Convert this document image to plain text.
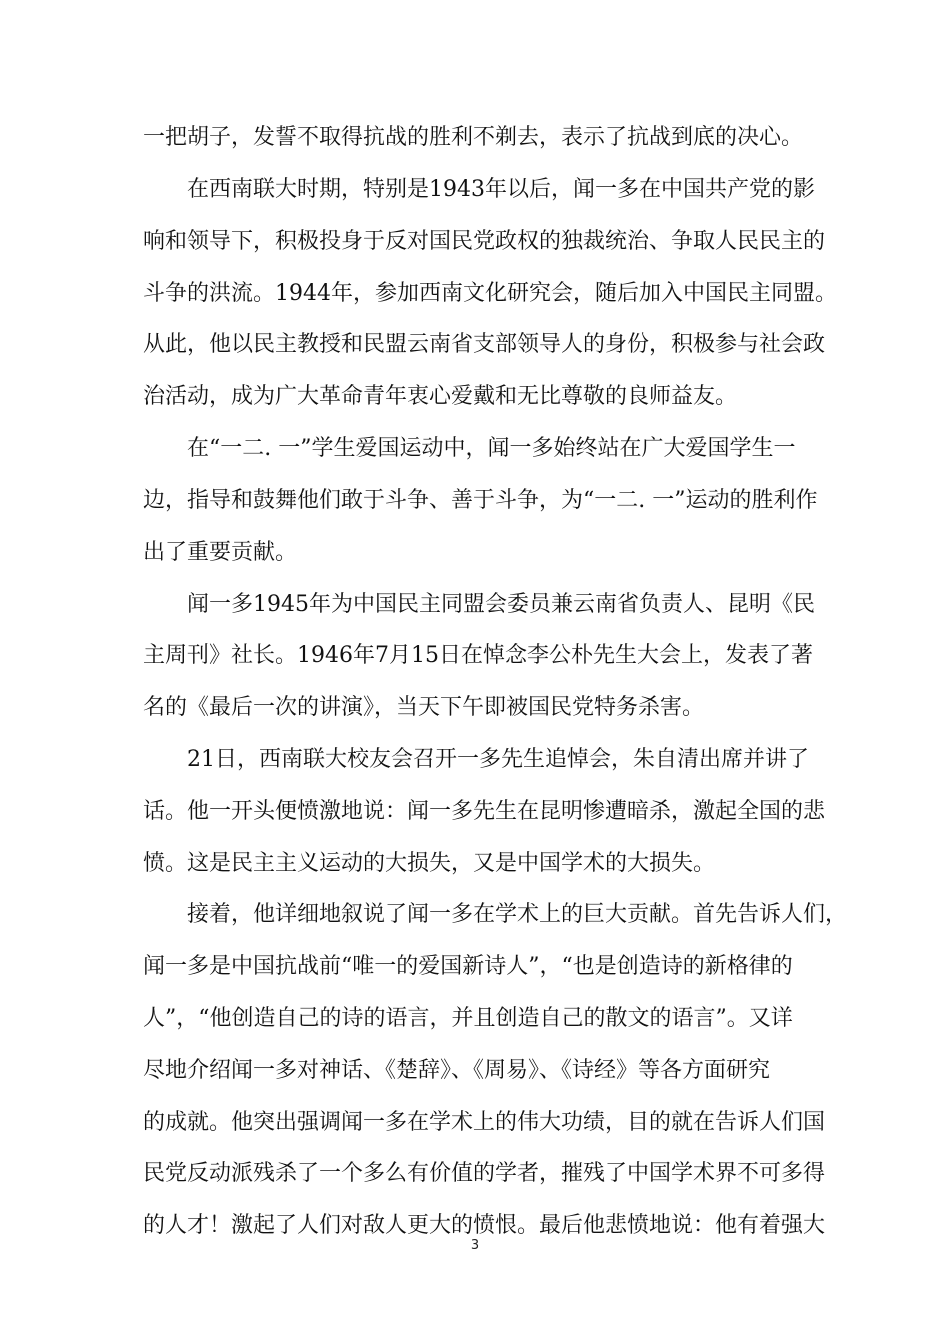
一把胡子，发誓不取得抗战的胜利不剃去，表示了抗战到底的决心。
　　在西南联大时期，特别是1943年以后，闻一多在中国共产党的影
响和领导下，积极投身于反对国民党政权的独裁统治、争取人民民主的
斗争的洪流。1944年，参加西南文化研究会，随后加入中国民主同盟。
从此，他以民主教授和民盟云南省支部领导人的身份，积极参与社会政
治活动，成为广大革命青年衷心爱戴和无比尊敬的良师益友。
　　在“一二. 一”学生爱国运动中，闻一多始终站在广大爱国学生一
边，指导和鼓舞他们敢于斗争、善于斗争，为“一二. 一”运动的胜利作
出了重要贡献。
　　闻一多1945年为中国民主同盟会委员兼云南省负责人、昆明《民
主周刊》社长。1946年7月15日在悼念李公朴先生大会上，发表了著
名的《最后一次的讲演》，当天下午即被国民党特务杀害。
　　21日，西南联大校友会召开一多先生追悼会，朱自清出席并讲了
话。他一开头便愤激地说：闻一多先生在昆明惨遭暗杀，激起全国的悲
愤。这是民主主义运动的大损失，又是中国学术的大损失。
　　接着，他详细地叙说了闻一多在学术上的巨大贡献。首先告诉人们，
闻一多是中国抗战前“唯一的爱国新诗人”，“也是创造诗的新格律的
人”，“他创造自己的诗的语言，并且创造自己的散文的语言”。又详
尽地介绍闻一多对神话、《楚辞》、《周易》、《诗经》等各方面研究
的成就。他突出强调闻一多在学术上的伟大功绩，目的就在告诉人们国
民党反动派残杀了一个多么有价值的学者，摧残了中国学术界不可多得
的人才！激起了人们对敌人更大的愤恨。最后他悲愤地说：他有着强大
3
